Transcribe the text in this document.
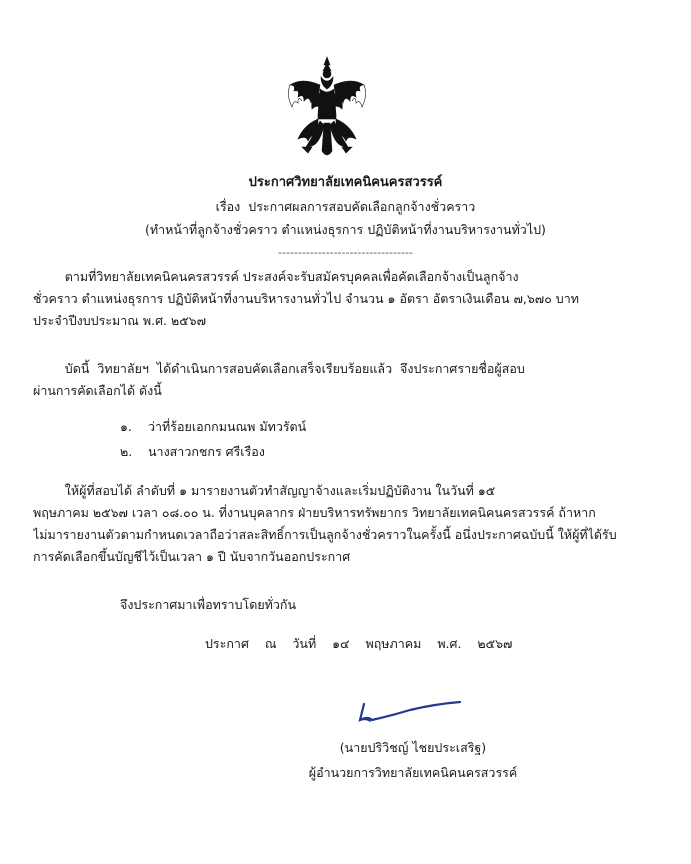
ประกาศวิทยาลัยเทคนิคนครสวรรค์
เรื่อง ประกาศผลการสอบคัดเลือกลูกจ้างชั่วคราว
(ทำหน้าที่ลูกจ้างชั่วคราว ตำแหน่งธุรการ ปฏิบัติหน้าที่งานบริหารงานทั่วไป)
----------------------------------
ตามที่วิทยาลัยเทคนิคนครสวรรค์ ประสงค์จะรับสมัครบุคคลเพื่อคัดเลือกจ้างเป็นลูกจ้าง
ชั่วคราว ตำแหน่งธุรการ ปฏิบัติหน้าที่งานบริหารงานทั่วไป จำนวน ๑ อัตรา อัตราเงินเดือน ๗,๖๗๐ บาท
ประจำปีงบประมาณ พ.ศ. ๒๕๖๗
บัดนี้  วิทยาลัยฯ  ได้ดำเนินการสอบคัดเลือกเสร็จเรียบร้อยแล้ว  จึงประกาศรายชื่อผู้สอบ
ผ่านการคัดเลือกได้ ดังนี้
๑. ว่าที่ร้อยเอกกมนณพ มัทวรัตน์
๒. นางสาวกชกร ศรีเรือง
ให้ผู้ที่สอบได้ ลำดับที่ ๑ มารายงานตัวทำสัญญาจ้างและเริ่มปฏิบัติงาน ในวันที่ ๑๕
พฤษภาคม ๒๕๖๗ เวลา ๐๘.๐๐ น. ที่งานบุคลากร ฝ่ายบริหารทรัพยากร วิทยาลัยเทคนิคนครสวรรค์ ถ้าหาก
ไม่มารายงานตัวตามกำหนดเวลาถือว่าสละสิทธิ์การเป็นลูกจ้างชั่วคราวในครั้งนี้ อนึ่งประกาศฉบับนี้ ให้ผู้ที่ได้รับ
การคัดเลือกขึ้นบัญชีไว้เป็นเวลา ๑ ปี นับจากวันออกประกาศ
จึงประกาศมาเพื่อทราบโดยทั่วกัน
ประกาศ  ณ  วันที่  ๑๔  พฤษภาคม  พ.ศ.  ๒๕๖๗
(นายปริวิชญ์ ไชยประเสริฐ)
ผู้อำนวยการวิทยาลัยเทคนิคนครสวรรค์
